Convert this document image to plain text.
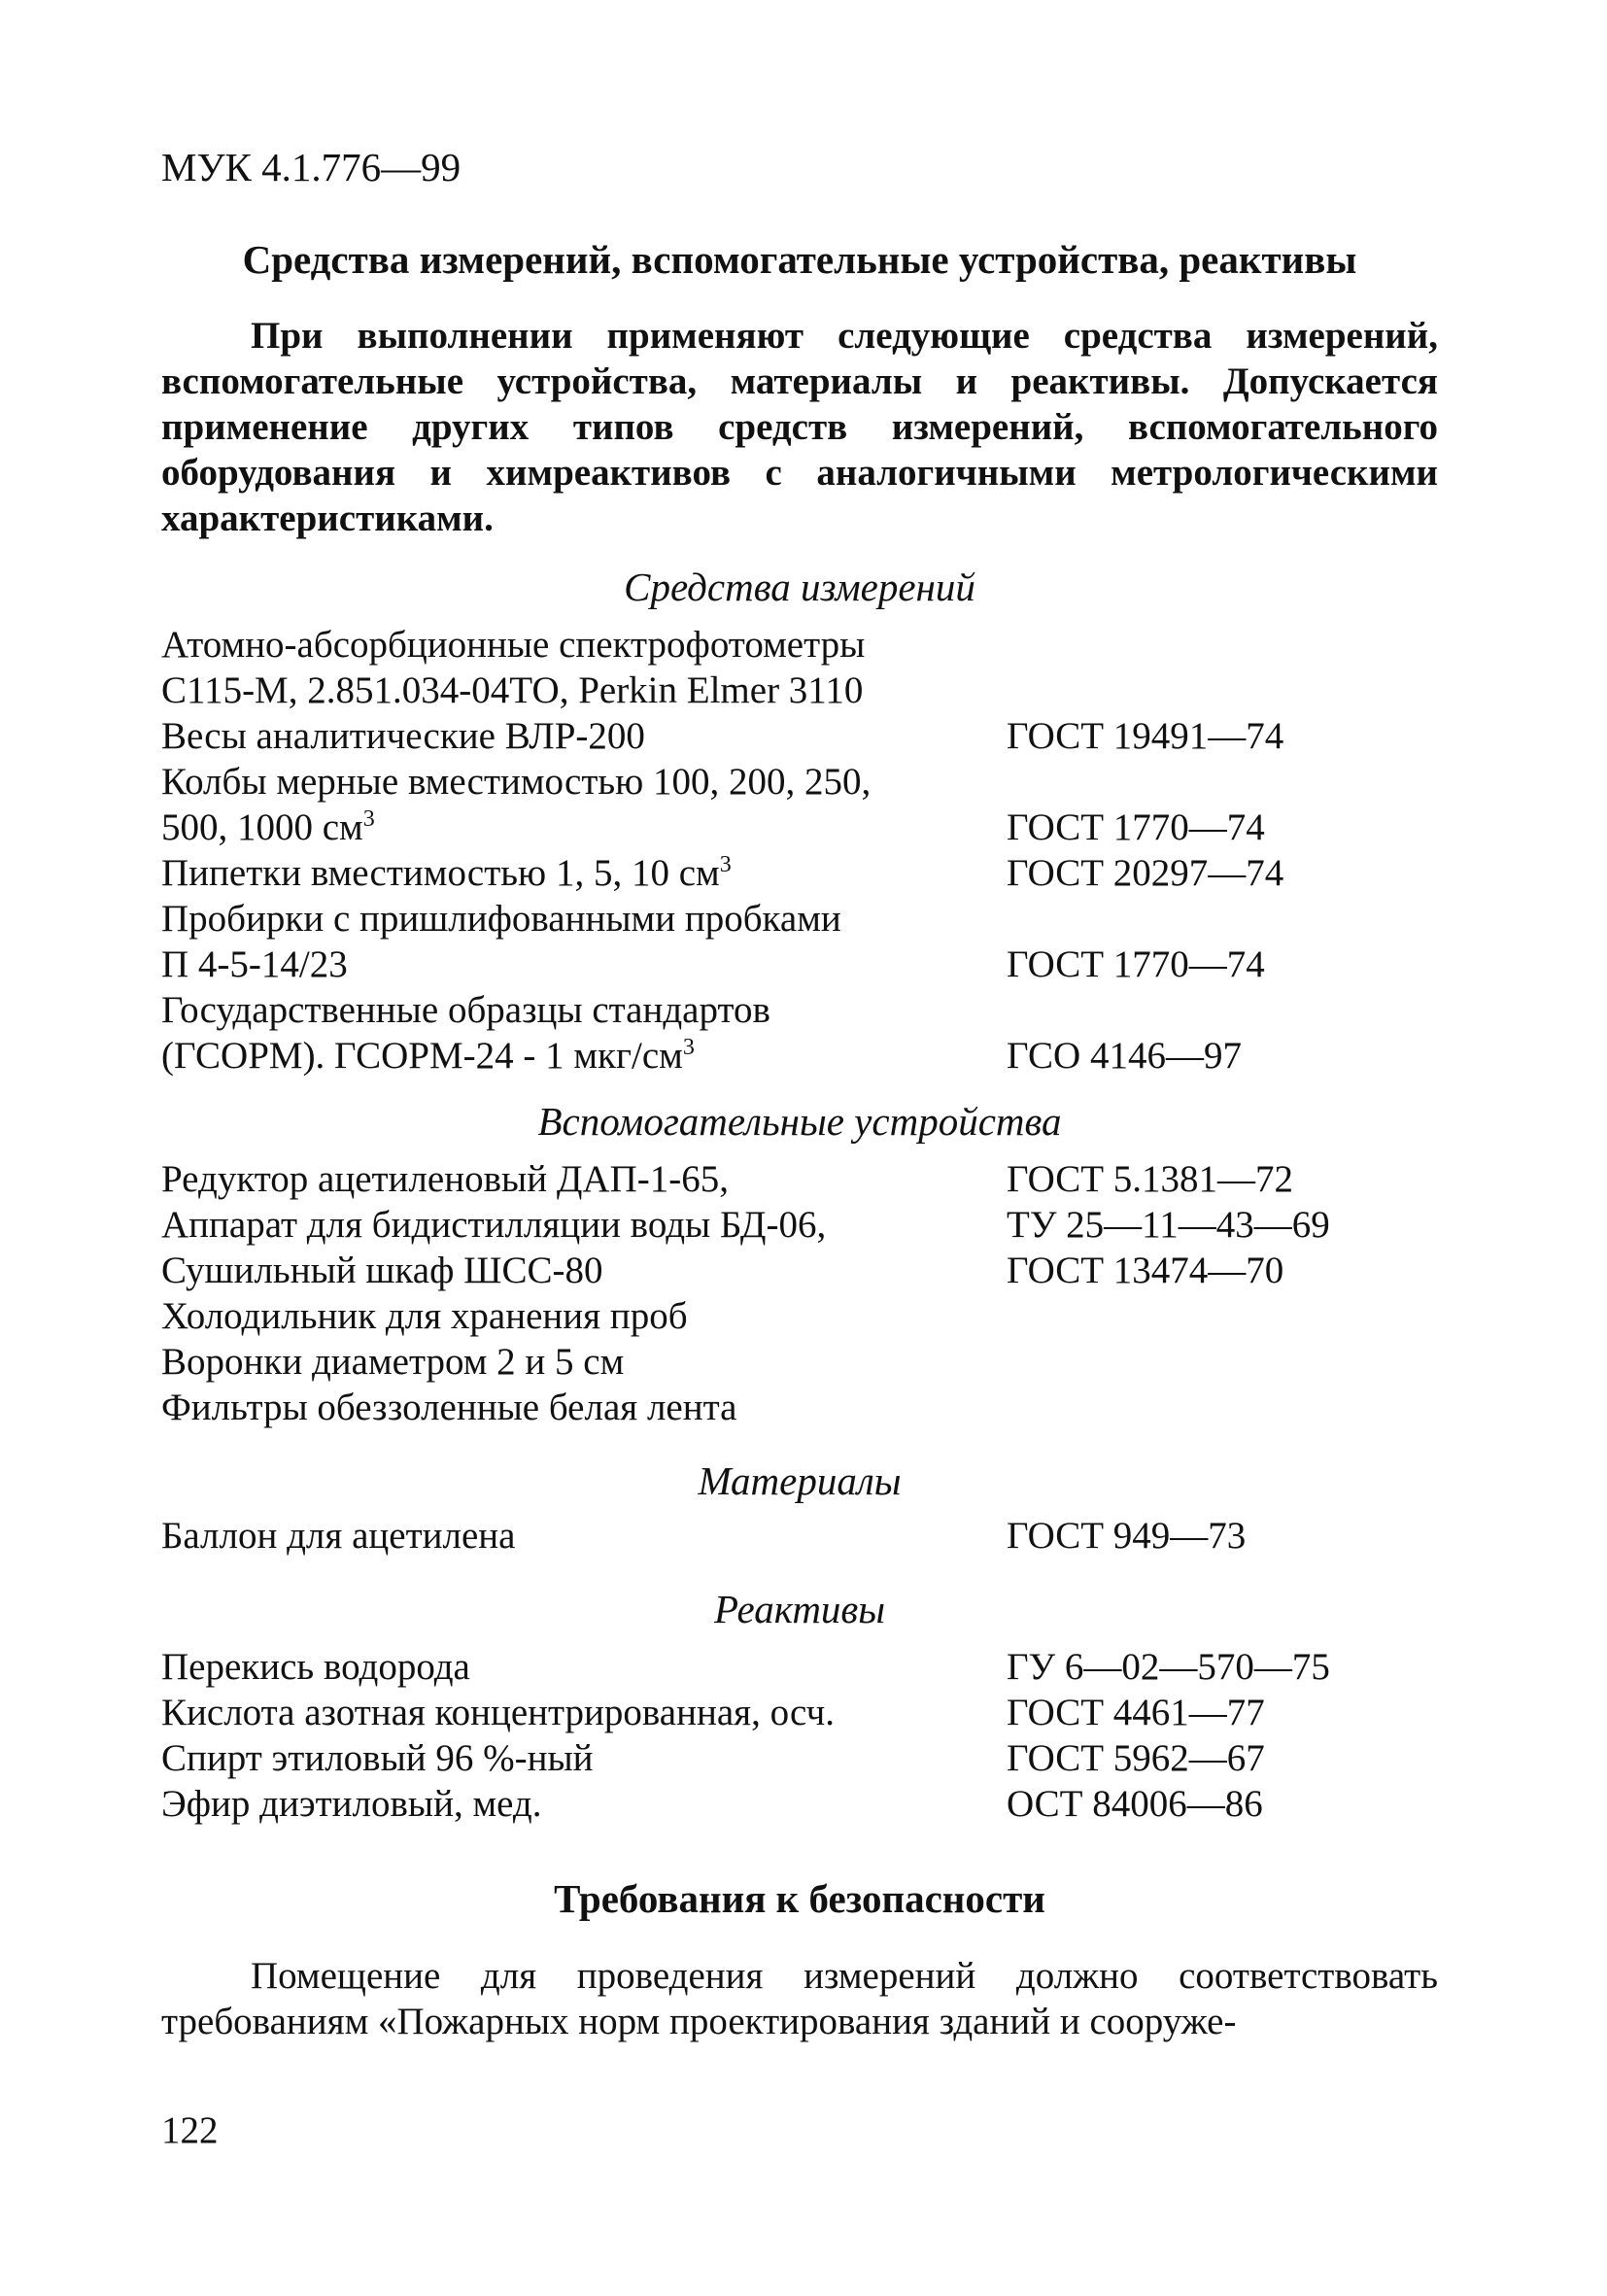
МУК 4.1.776—99
Средства измерений, вспомогательные устройства, реактивы
При выполнении применяют следующие средства измерений, вспомогательные устройства, материалы и реактивы. Допускается применение других типов средств измерений, вспомогательного оборудования и химреактивов с аналогичными метрологическими характеристиками.
Средства измерений
Атомно-абсорбционные спектрофотометры
С115-М, 2.851.034-04ТО, Perkin Elmer 3110
Весы аналитические ВЛР-200	ГОСТ 19491—74
Колбы мерные вместимостью 100, 200, 250,
500, 1000 $см^3$	ГОСТ 1770—74
Пипетки вместимостью 1, 5, 10 $см^3$	ГОСТ 20297—74
Пробирки с пришлифованными пробками
П 4-5-14/23	ГОСТ 1770—74
Государственные образцы стандартов
(ГСОРМ). ГСОРМ-24 - 1 мкг/$см^3$	ГСО 4146—97
Вспомогательные устройства
Редуктор ацетиленовый ДАП-1-65,	ГОСТ 5.1381—72
Аппарат для бидистилляции воды БД-06,	ТУ 25—11—43—69
Сушильный шкаф ШСС-80	ГОСТ 13474—70
Холодильник для хранения проб
Воронки диаметром 2 и 5 см
Фильтры обеззоленные белая лента
Материалы
Баллон для ацетилена	ГОСТ 949—73
Реактивы
Перекись водорода	ГУ 6—02—570—75
Кислота азотная концентрированная, осч.	ГОСТ 4461—77
Спирт этиловый 96 %-ный	ГОСТ 5962—67
Эфир диэтиловый, мед.	ОСТ 84006—86
Требования к безопасности
Помещение для проведения измерений должно соответствовать требованиям «Пожарных норм проектирования зданий и сооруже-
122
